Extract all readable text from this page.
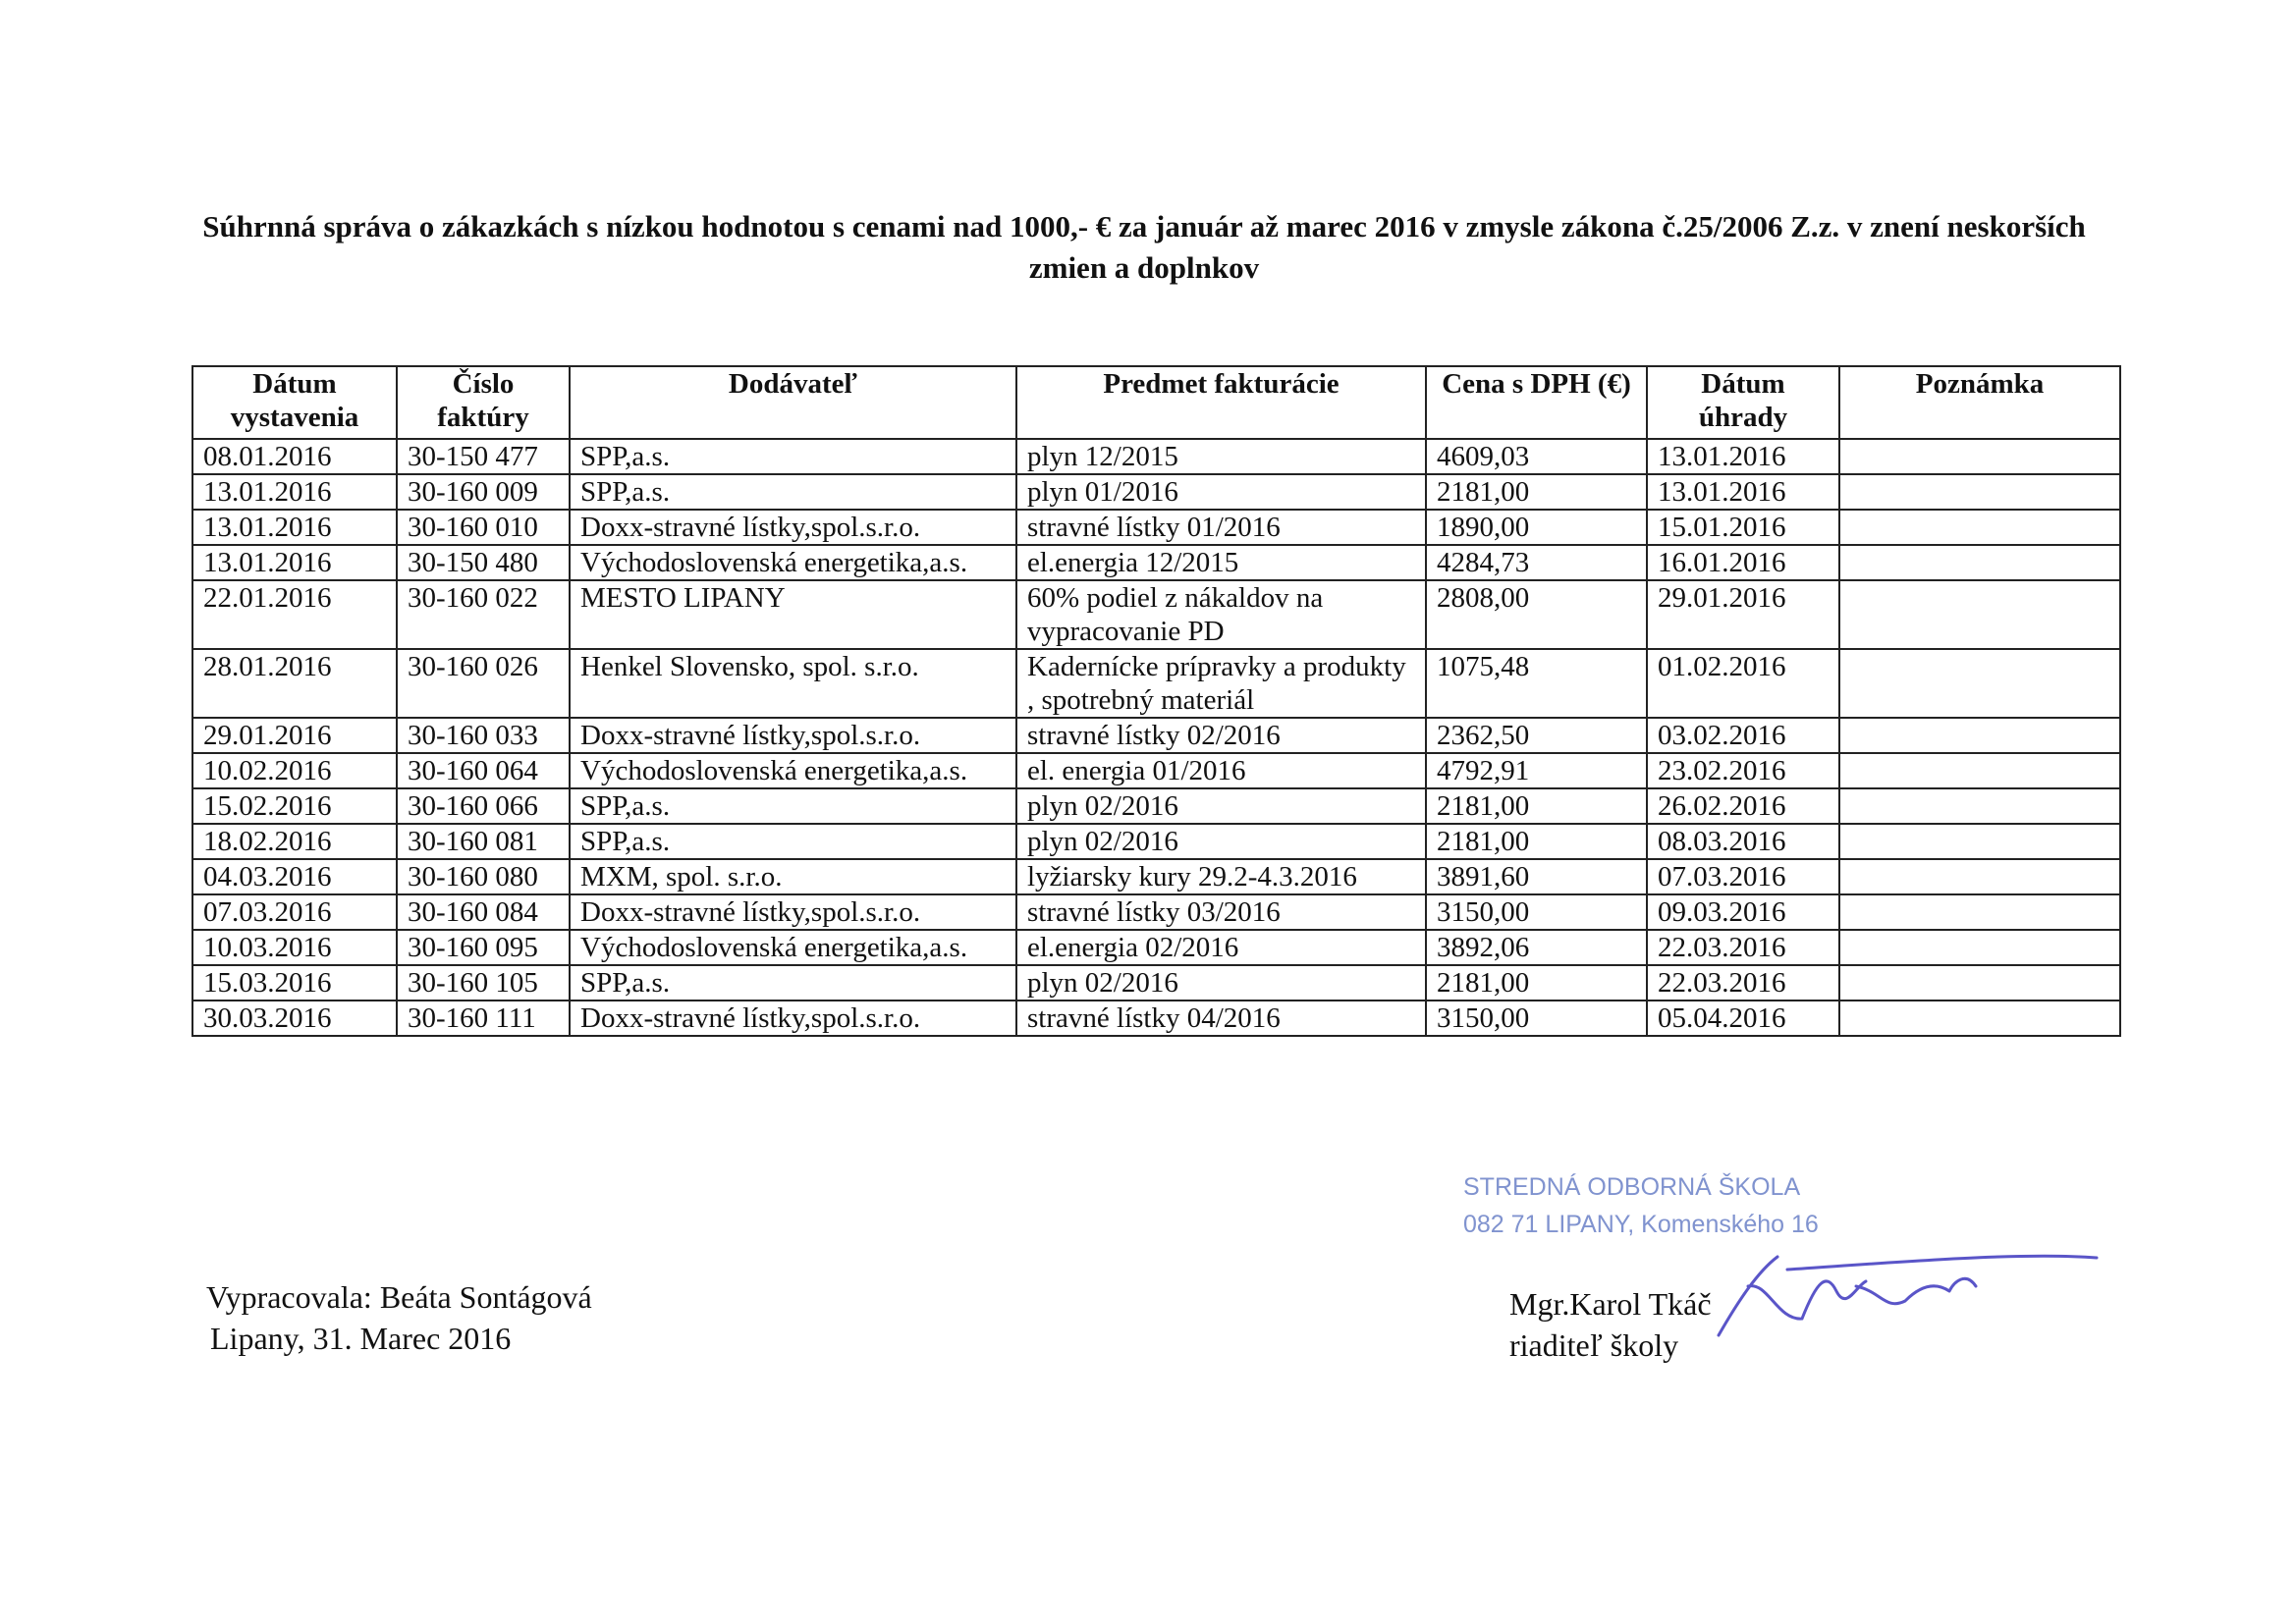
Súhrnná správa o zákazkách s nízkou hodnotou s cenami nad 1000,- € za január až marec 2016 v zmysle zákona č.25/2006 Z.z. v znení neskorších zmien a doplnkov
Dátum vystavenia	Číslo faktúry	Dodávateľ	Predmet fakturácie	Cena s DPH (€)	Dátum úhrady	Poznámka
08.01.2016	30-150 477	SPP,a.s.	plyn 12/2015	4609,03	13.01.2016	
13.01.2016	30-160 009	SPP,a.s.	plyn 01/2016	2181,00	13.01.2016	
13.01.2016	30-160 010	Doxx-stravné lístky,spol.s.r.o.	stravné lístky 01/2016	1890,00	15.01.2016	
13.01.2016	30-150 480	Východoslovenská energetika,a.s.	el.energia 12/2015	4284,73	16.01.2016	
22.01.2016	30-160 022	MESTO LIPANY	60% podiel z nákaldov na vypracovanie PD	2808,00	29.01.2016	
28.01.2016	30-160 026	Henkel Slovensko, spol. s.r.o.	Kadernícke prípravky a produkty , spotrebný materiál	1075,48	01.02.2016	
29.01.2016	30-160 033	Doxx-stravné lístky,spol.s.r.o.	stravné lístky 02/2016	2362,50	03.02.2016	
10.02.2016	30-160 064	Východoslovenská energetika,a.s.	el. energia 01/2016	4792,91	23.02.2016	
15.02.2016	30-160 066	SPP,a.s.	plyn 02/2016	2181,00	26.02.2016	
18.02.2016	30-160 081	SPP,a.s.	plyn 02/2016	2181,00	08.03.2016	
04.03.2016	30-160 080	MXM, spol. s.r.o.	lyžiarsky kury 29.2-4.3.2016	3891,60	07.03.2016	
07.03.2016	30-160 084	Doxx-stravné lístky,spol.s.r.o.	stravné lístky 03/2016	3150,00	09.03.2016	
10.03.2016	30-160 095	Východoslovenská energetika,a.s.	el.energia 02/2016	3892,06	22.03.2016	
15.03.2016	30-160 105	SPP,a.s.	plyn 02/2016	2181,00	22.03.2016	
30.03.2016	30-160 111	Doxx-stravné lístky,spol.s.r.o.	stravné lístky 04/2016	3150,00	05.04.2016	
Vypracovala: Beáta Sontágová
Lipany, 31. Marec 2016
STREDNÁ ODBORNÁ ŠKOLA
082 71 LIPANY, Komenského 16
Mgr.Karol Tkáč
riaditeľ školy
